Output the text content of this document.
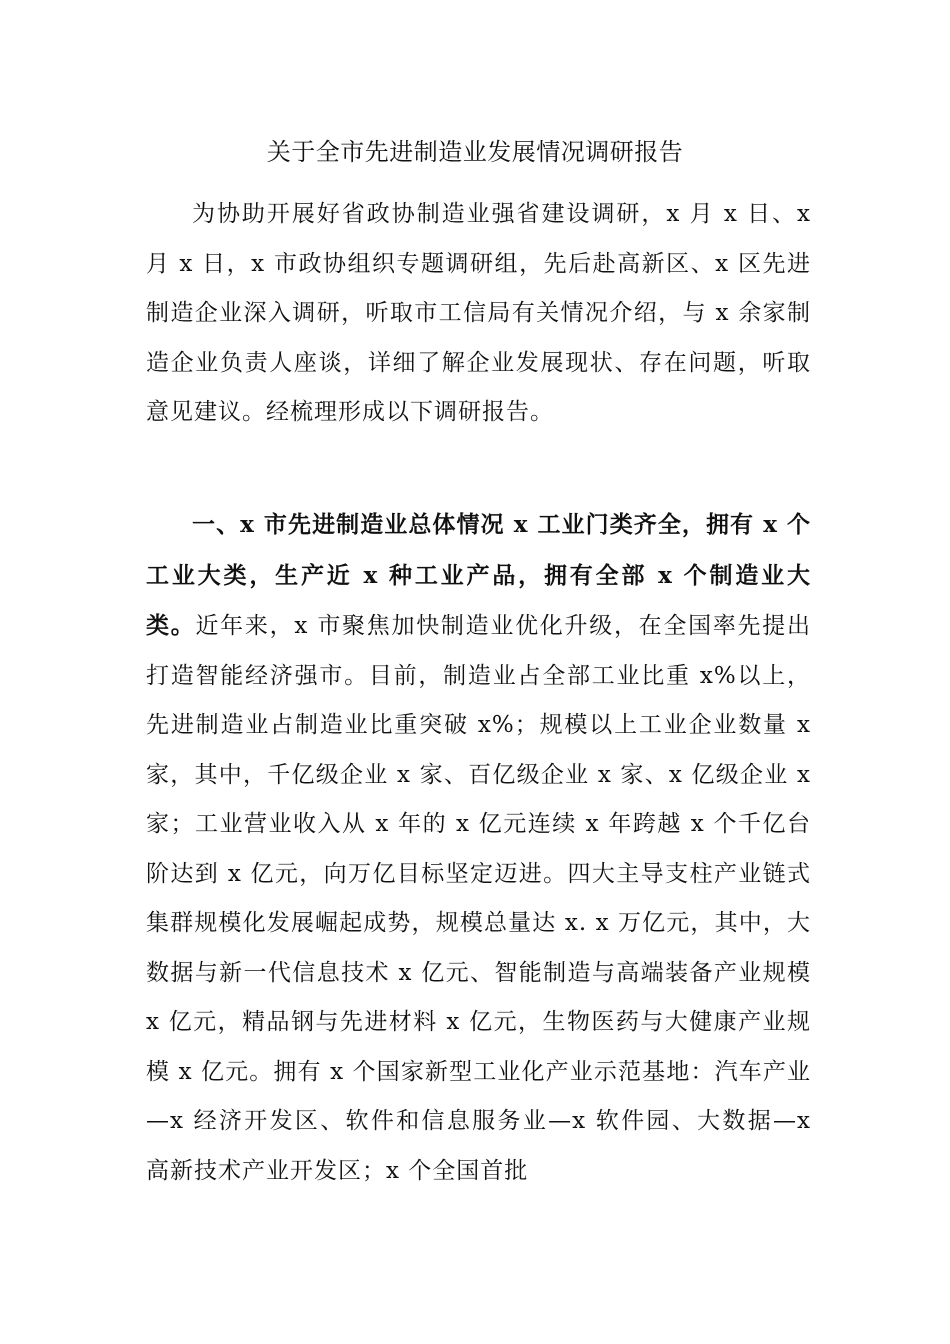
关于全市先进制造业发展情况调研报告

为协助开展好省政协制造业强省建设调研，x 月 x 日、x 月 x 日，x 市政协组织专题调研组，先后赴高新区、x 区先进制造企业深入调研，听取市工信局有关情况介绍，与 x 余家制造企业负责人座谈，详细了解企业发展现状、存在问题，听取意见建议。经梳理形成以下调研报告。

一、x 市先进制造业总体情况 x 工业门类齐全，拥有 x 个工业大类，生产近 x 种工业产品，拥有全部 x 个制造业大类。近年来，x 市聚焦加快制造业优化升级，在全国率先提出打造智能经济强市。目前，制造业占全部工业比重 x%以上，先进制造业占制造业比重突破 x%；规模以上工业企业数量 x 家，其中，千亿级企业 x 家、百亿级企业 x 家、x 亿级企业 x 家；工业营业收入从 x 年的 x 亿元连续 x 年跨越 x 个千亿台阶达到 x 亿元，向万亿目标坚定迈进。四大主导支柱产业链式集群规模化发展崛起成势，规模总量达 x. x 万亿元，其中，大数据与新一代信息技术 x 亿元、智能制造与高端装备产业规模 x 亿元，精品钢与先进材料 x 亿元，生物医药与大健康产业规模 x 亿元。拥有 x 个国家新型工业化产业示范基地：汽车产业—x 经济开发区、软件和信息服务业—x 软件园、大数据—x 高新技术产业开发区；x 个全国首批
